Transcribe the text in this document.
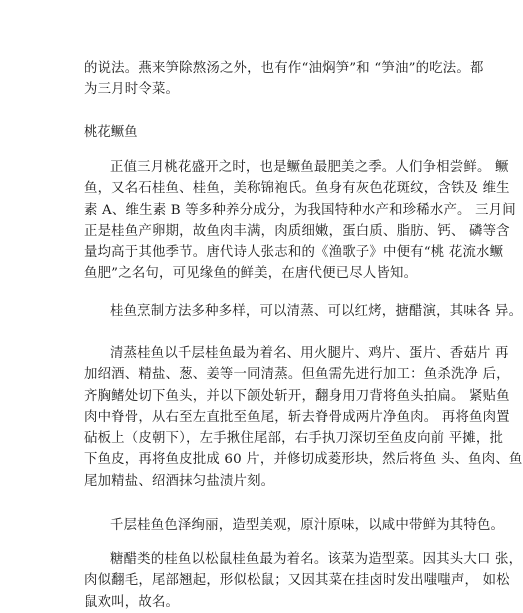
的说法。燕来笋除熬汤之外，也有作“油焖笋”和 “笋油”的吃法。都
为三月时令菜。
桃花鳜鱼
正值三月桃花盛开之时，也是鳜鱼最肥美之季。人们争相尝鲜。 鳜
鱼，又名石桂鱼、桂鱼，美称锦袍氏。鱼身有灰色花斑纹，含铁及 维生
素 A、维生素 B 等多种养分成分，为我国特种水产和珍稀水产。 三月间
正是桂鱼产卵期，故鱼肉丰满，肉质细嫩，蛋白质、脂肪、钙、 磷等含
量均高于其他季节。唐代诗人张志和的《渔歌子》中便有“桃 花流水鳜
鱼肥”之名句，可见缘鱼的鲜美，在唐代便已尽人皆知。
桂鱼烹制方法多种多样，可以清蒸、可以红烤，搪醋演，其味各 异。
清蒸桂鱼以千层桂鱼最为着名、用火腿片、鸡片、蛋片、香菇片 再
加绍酒、精盐、葱、姜等一同清蒸。但鱼需先进行加工：鱼杀洗净 后，
齐胸鳍处切下鱼头，并以下颌处斩开，翻身用刀背将鱼头拍扁。 紧贴鱼
肉中脊骨，从右至左直批至鱼尾，斩去脊骨成两片净鱼肉。 再将鱼肉置
砧板上（皮朝下），左手揪住尾部，右手执刀深切至鱼皮向前 平摊，批
下鱼皮，再将鱼皮批成 60 片，并修切成菱形块，然后将鱼 头、鱼肉、鱼
尾加精盐、绍酒抹匀盐渍片刻。
千层桂鱼色泽绚丽，造型美观，原汁原味，以咸中带鲜为其特色。
糖醋类的桂鱼以松鼠桂鱼最为着名。该菜为造型菜。因其头大口 张，
肉似翻毛，尾部翘起，形似松鼠；又因其菜在挂卤时发出嗤嗤声， 如松
鼠欢叫，故名。
